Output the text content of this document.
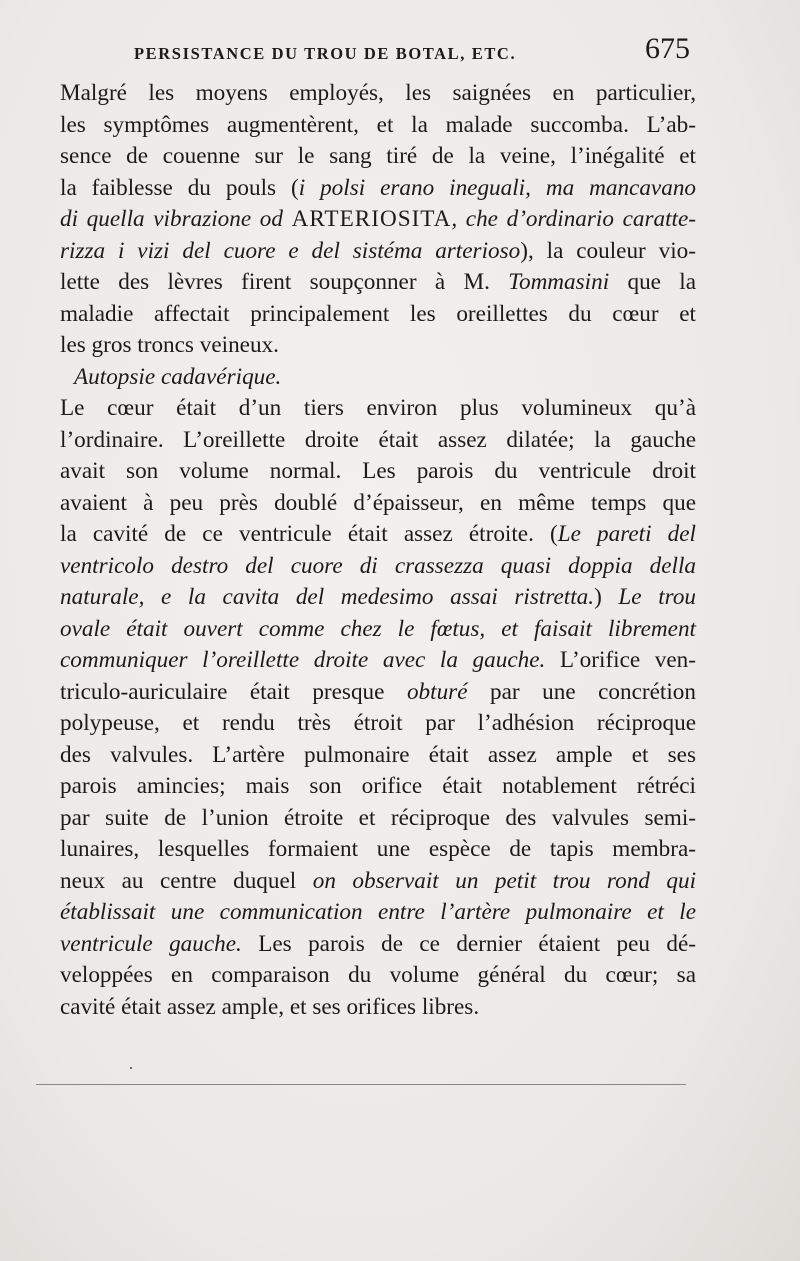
PERSISTANCE DU TROU DE BOTAL, ETC.	675
Malgré les moyens employés, les saignées en particulier,
les symptômes augmentèrent, et la malade succomba. L’ab-
sence de couenne sur le sang tiré de la veine, l’inégalité et
la faiblesse du pouls (i polsi erano ineguali, ma mancavano
di quella vibrazione od ARTERIOSITA, che d’ordinario caratte-
rizza i vizi del cuore e del sistéma arterioso), la couleur vio-
lette des lèvres firent soupçonner à M. Tommasini que la
maladie affectait principalement les oreillettes du cœur et
les gros troncs veineux.
Autopsie cadavérique.
Le cœur était d’un tiers environ plus volumineux qu’à
l’ordinaire. L’oreillette droite était assez dilatée; la gauche
avait son volume normal. Les parois du ventricule droit
avaient à peu près doublé d’épaisseur, en même temps que
la cavité de ce ventricule était assez étroite. (Le pareti del
ventricolo destro del cuore di crassezza quasi doppia della
naturale, e la cavita del medesimo assai ristretta.) Le trou
ovale était ouvert comme chez le fœtus, et faisait librement
communiquer l’oreillette droite avec la gauche. L’orifice ven-
triculo-auriculaire était presque obturé par une concrétion
polypeuse, et rendu très étroit par l’adhésion réciproque
des valvules. L’artère pulmonaire était assez ample et ses
parois amincies; mais son orifice était notablement rétréci
par suite de l’union étroite et réciproque des valvules semi-
lunaires, lesquelles formaient une espèce de tapis membra-
neux au centre duquel on observait un petit trou rond qui
établissait une communication entre l’artère pulmonaire et le
ventricule gauche. Les parois de ce dernier étaient peu dé-
veloppées en comparaison du volume général du cœur; sa
cavité était assez ample, et ses orifices libres.
·
